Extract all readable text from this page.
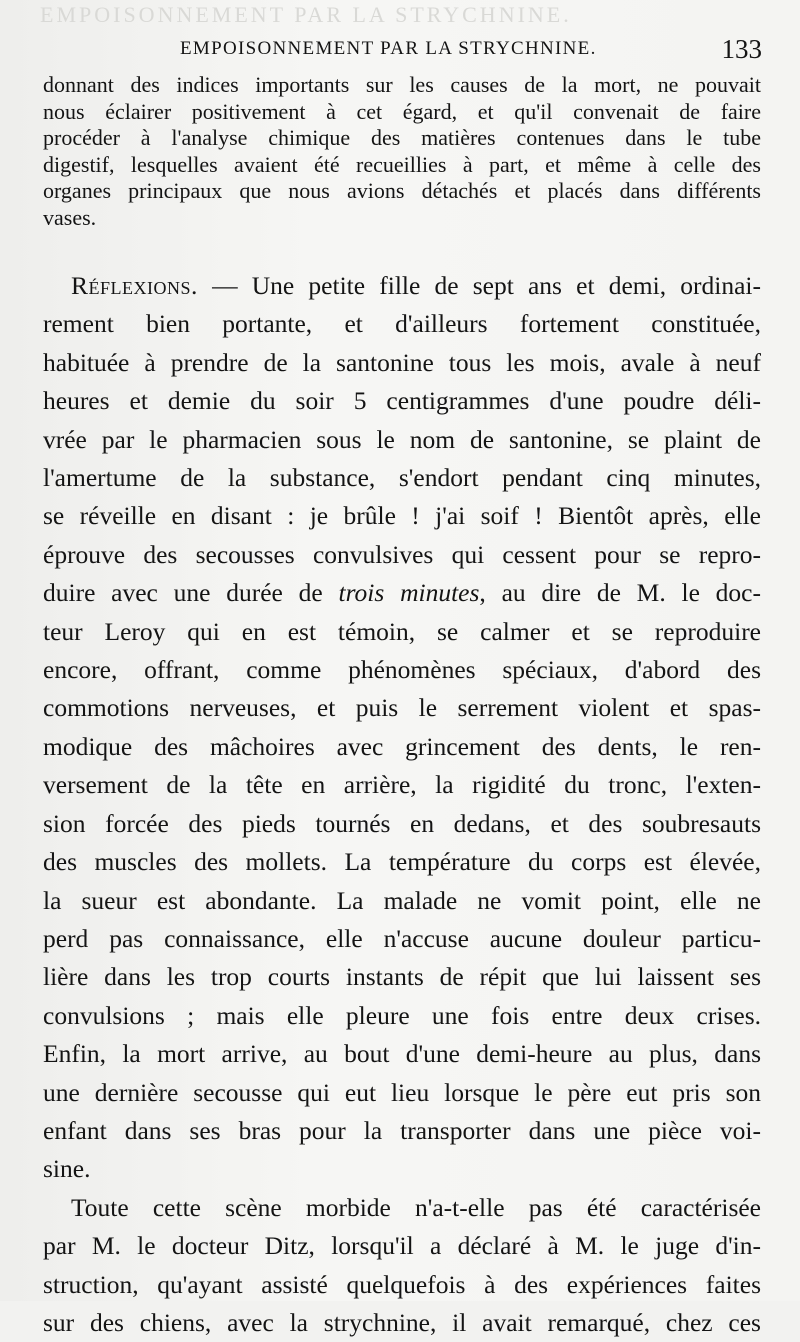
EMPOISONNEMENT PAR LA STRYCHNINE.
EMPOISONNEMENT PAR LA STRYCHNINE.	133
donnant des indices importants sur les causes de la mort, ne pouvait
nous éclairer positivement à cet égard, et qu'il convenait de faire
procéder à l'analyse chimique des matières contenues dans le tube
digestif, lesquelles avaient été recueillies à part, et même à celle des
organes principaux que nous avions détachés et placés dans différents
vases.
Réflexions. — Une petite fille de sept ans et demi, ordinai-
rement bien portante, et d'ailleurs fortement constituée,
habituée à prendre de la santonine tous les mois, avale à neuf
heures et demie du soir 5 centigrammes d'une poudre déli-
vrée par le pharmacien sous le nom de santonine, se plaint de
l'amertume de la substance, s'endort pendant cinq minutes,
se réveille en disant : je brûle ! j'ai soif ! Bientôt après, elle
éprouve des secousses convulsives qui cessent pour se repro-
duire avec une durée de trois minutes, au dire de M. le doc-
teur Leroy qui en est témoin, se calmer et se reproduire
encore, offrant, comme phénomènes spéciaux, d'abord des
commotions nerveuses, et puis le serrement violent et spas-
modique des mâchoires avec grincement des dents, le ren-
versement de la tête en arrière, la rigidité du tronc, l'exten-
sion forcée des pieds tournés en dedans, et des soubresauts
des muscles des mollets. La température du corps est élevée,
la sueur est abondante. La malade ne vomit point, elle ne
perd pas connaissance, elle n'accuse aucune douleur particu-
lière dans les trop courts instants de répit que lui laissent ses
convulsions ; mais elle pleure une fois entre deux crises.
Enfin, la mort arrive, au bout d'une demi-heure au plus, dans
une dernière secousse qui eut lieu lorsque le père eut pris son
enfant dans ses bras pour la transporter dans une pièce voi-
sine.
Toute cette scène morbide n'a-t-elle pas été caractérisée
par M. le docteur Ditz, lorsqu'il a déclaré à M. le juge d'in-
struction, qu'ayant assisté quelquefois à des expériences faites
sur des chiens, avec la strychnine, il avait remarqué, chez ces
